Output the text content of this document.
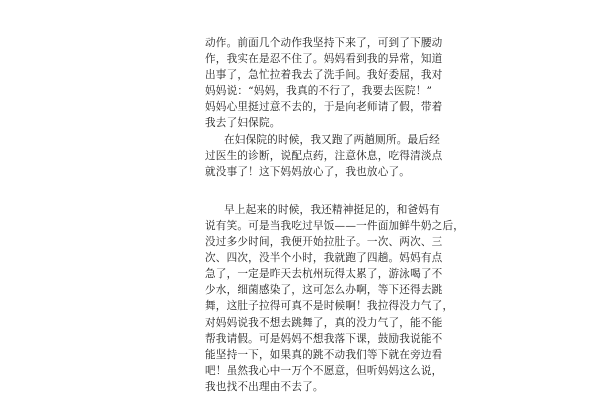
动作。前面几个动作我坚持下来了，可到了下腰动
作，我实在是忍不住了。妈妈看到我的异常，知道
出事了，急忙拉着我去了洗手间。我好委屈，我对
妈妈说：“妈妈，我真的不行了，我要去医院！”
妈妈心里挺过意不去的，于是向老师请了假，带着
我去了妇保院。
在妇保院的时候，我又跑了两趟厕所。最后经
过医生的诊断，说配点药，注意休息，吃得清淡点
就没事了！这下妈妈放心了，我也放心了。
早上起来的时候，我还精神挺足的，和爸妈有
说有笑。可是当我吃过早饭——一件面加鲜牛奶之后，
没过多少时间，我便开始拉肚子。一次、两次、三
次、四次，没半个小时，我就跑了四趟。妈妈有点
急了，一定是昨天去杭州玩得太累了，游泳喝了不
少水，细菌感染了，这可怎么办啊，等下还得去跳
舞，这肚子拉得可真不是时候啊！我拉得没力气了，
对妈妈说我不想去跳舞了，真的没力气了，能不能
帮我请假。可是妈妈不想我落下课，鼓励我说能不
能坚持一下，如果真的跳不动我们等下就在旁边看
吧！虽然我心中一万个不愿意，但听妈妈这么说，
我也找不出理由不去了。
